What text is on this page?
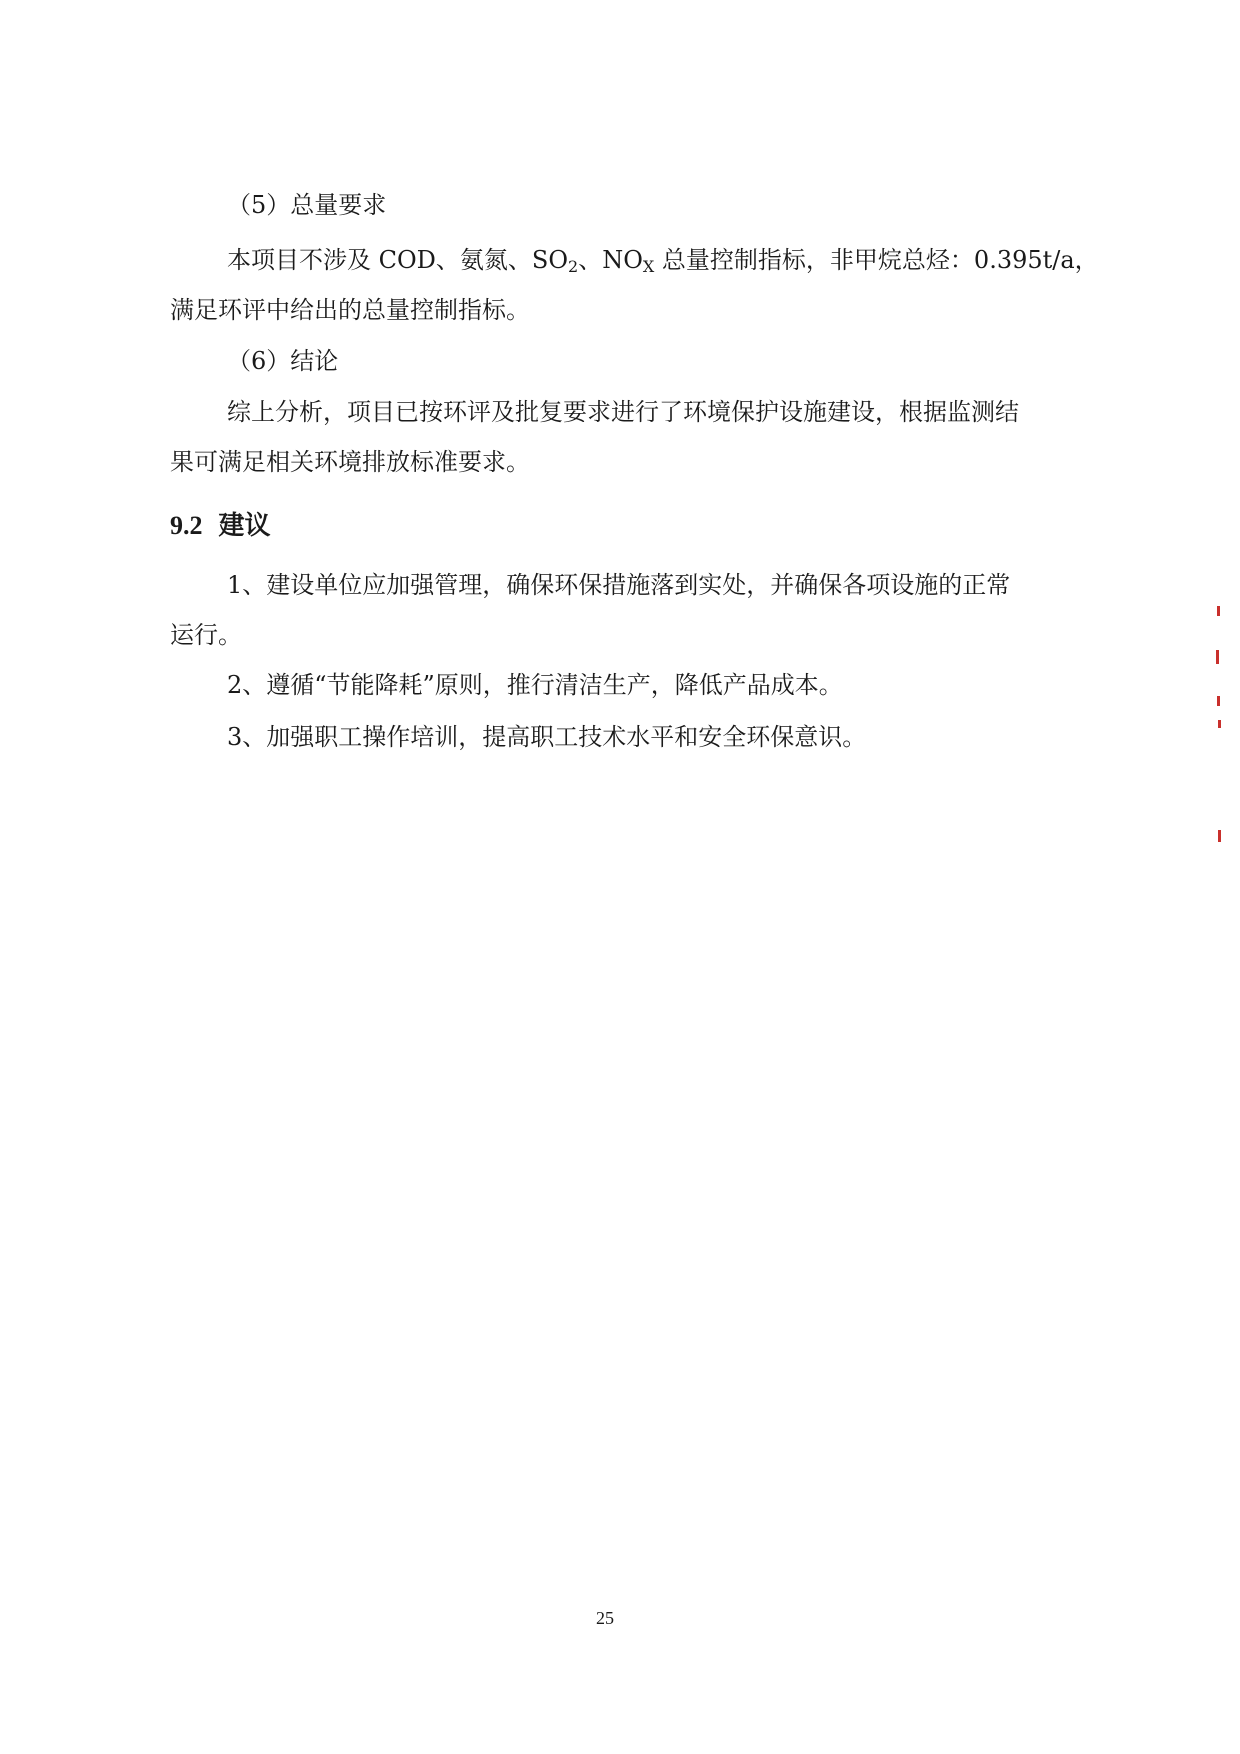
（5）总量要求
本项目不涉及 COD、氨氮、$SO_2$、$NO_X$ 总量控制指标，非甲烷总烃：0.395t/a，
满足环评中给出的总量控制指标。
（6）结论
综上分析，项目已按环评及批复要求进行了环境保护设施建设，根据监测结
果可满足相关环境排放标准要求。
9.2 建议
1、建设单位应加强管理，确保环保措施落到实处，并确保各项设施的正常
运行。
2、遵循“节能降耗”原则，推行清洁生产，降低产品成本。
3、加强职工操作培训，提高职工技术水平和安全环保意识。
25
